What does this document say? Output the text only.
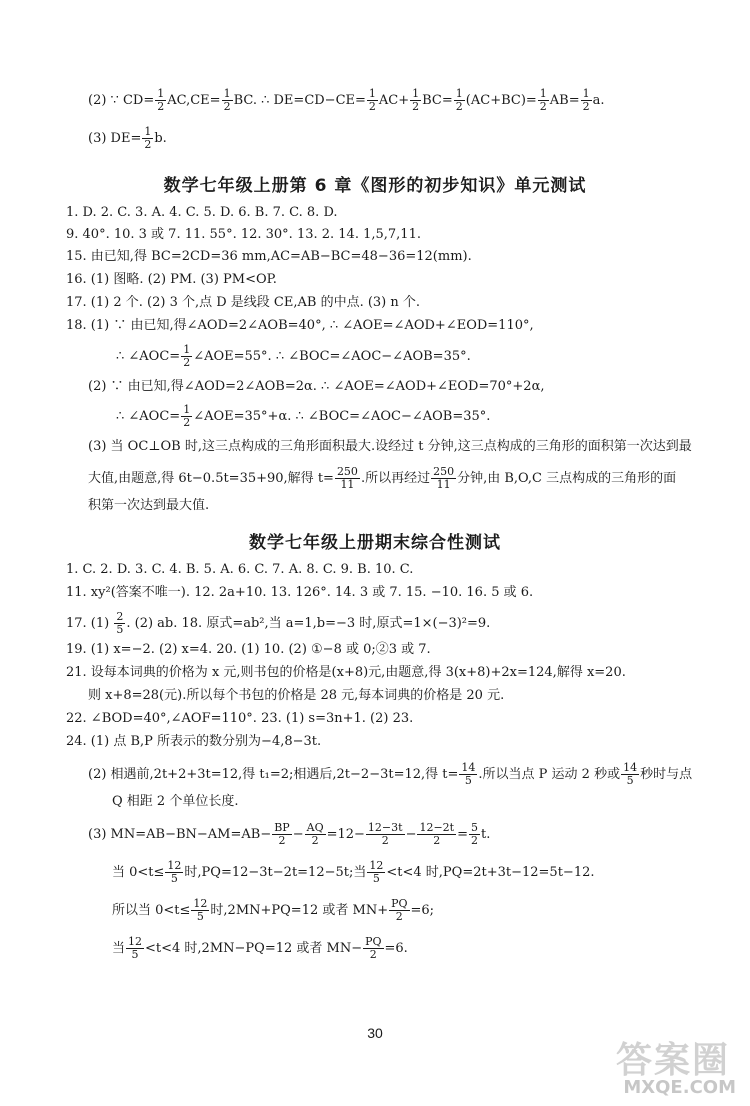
(2) ∵ $CD= \frac{1}{2} AC,CE= \frac{1}{2}$ BC. ∴ $DE=CD-CE= \frac{1}{2} AC+ \frac{1}{2} BC= \frac{1}{2} (AC+BC)= \frac{1}{2} AB= \frac{1}{2} a$.
(3) $DE= \frac{1}{2} b$.
数学七年级上册第 6 章《图形的初步知识》单元测试
1. D. 2. C. 3. A. 4. C. 5. D. 6. B. 7. C. 8. D.
9. 40°. 10. 3 或 7. 11. 55°. 12. 30°. 13. 2. 14. 1,5,7,11.
15. 由已知,得 BC=2CD=36 mm,AC=AB−BC=48−36=12(mm).
16. (1) 图略. (2) PM. (3) PM<OP.
17. (1) 2 个. (2) 3 个,点 D 是线段 CE,AB 的中点. (3) n 个.
18. (1) ∵ 由已知,得∠AOD=2∠AOB=40°, ∴ ∠AOE=∠AOD+∠EOD=110°,
∴ ∠AOC= $\frac{1}{2}$ ∠AOE=55°. ∴ ∠BOC=∠AOC−∠AOB=35°.
(2) ∵ 由已知,得∠AOD=2∠AOB=2α. ∴ ∠AOE=∠AOD+∠EOD=70°+2α,
∴ ∠AOC= $\frac{1}{2}$ ∠AOE=35°+α. ∴ ∠BOC=∠AOC−∠AOB=35°.
(3) 当 OC⊥OB 时,这三点构成的三角形面积最大.设经过 t 分钟,这三点构成的三角形的面积第一次达到最
大值,由题意,得 6t−0.5t=35+90,解得 $t= \frac{250}{11}$ .所以再经过 $\frac{250}{11}$ 分钟,由 B,O,C 三点构成的三角形的面
积第一次达到最大值.
数学七年级上册期末综合性测试
1. C. 2. D. 3. C. 4. B. 5. A. 6. C. 7. A. 8. C. 9. B. 10. C.
11. xy²(答案不唯一). 12. 2a+10. 13. 126°. 14. 3 或 7. 15. −10. 16. 5 或 6.
17. $(1) \frac{2}{5}$ . (2) ab. 18. 原式=ab²,当 a=1,b=−3 时,原式=1×(−3)²=9.
19. (1) x=−2. (2) x=4. 20. (1) 10. (2) ①−8 或 0;②3 或 7.
21. 设每本词典的价格为 x 元,则书包的价格是(x+8)元,由题意,得 3(x+8)+2x=124,解得 x=20.
则 x+8=28(元).所以每个书包的价格是 28 元,每本词典的价格是 20 元.
22. ∠BOD=40°,∠AOF=110°. 23. (1) s=3n+1. (2) 23.
24. (1) 点 B,P 所表示的数分别为−4,8−3t.
(2) 相遇前,2t+2+3t=12,得 t₁=2;相遇后,2t−2−3t=12,得 $t= \frac{14}{5}$ .所以当点 P 运动 2 秒或 $\frac{14}{5}$ 秒时与点
Q 相距 2 个单位长度.
(3) $MN=AB-BN-AM=AB- \frac{BP}{2} - \frac{AQ}{2} =12- \frac{12-3t}{2} - \frac{12-2t}{2} = \frac{5}{2} t$.
当 $0<t\le \frac{12}{5}$ 时,PQ=12−3t−2t=12−5t;当 $\frac{12}{5} <t<4$ 时,PQ=2t+3t−12=5t−12.
所以当 $0<t\le \frac{12}{5}$ 时,2MN+PQ=12 或者 $MN+ \frac{PQ}{2} =6$;
当 $\frac{12}{5} <t<4$ 时,2MN−PQ=12 或者 $MN- \frac{PQ}{2} =6$.
30
答案圈
MXQE.COM
